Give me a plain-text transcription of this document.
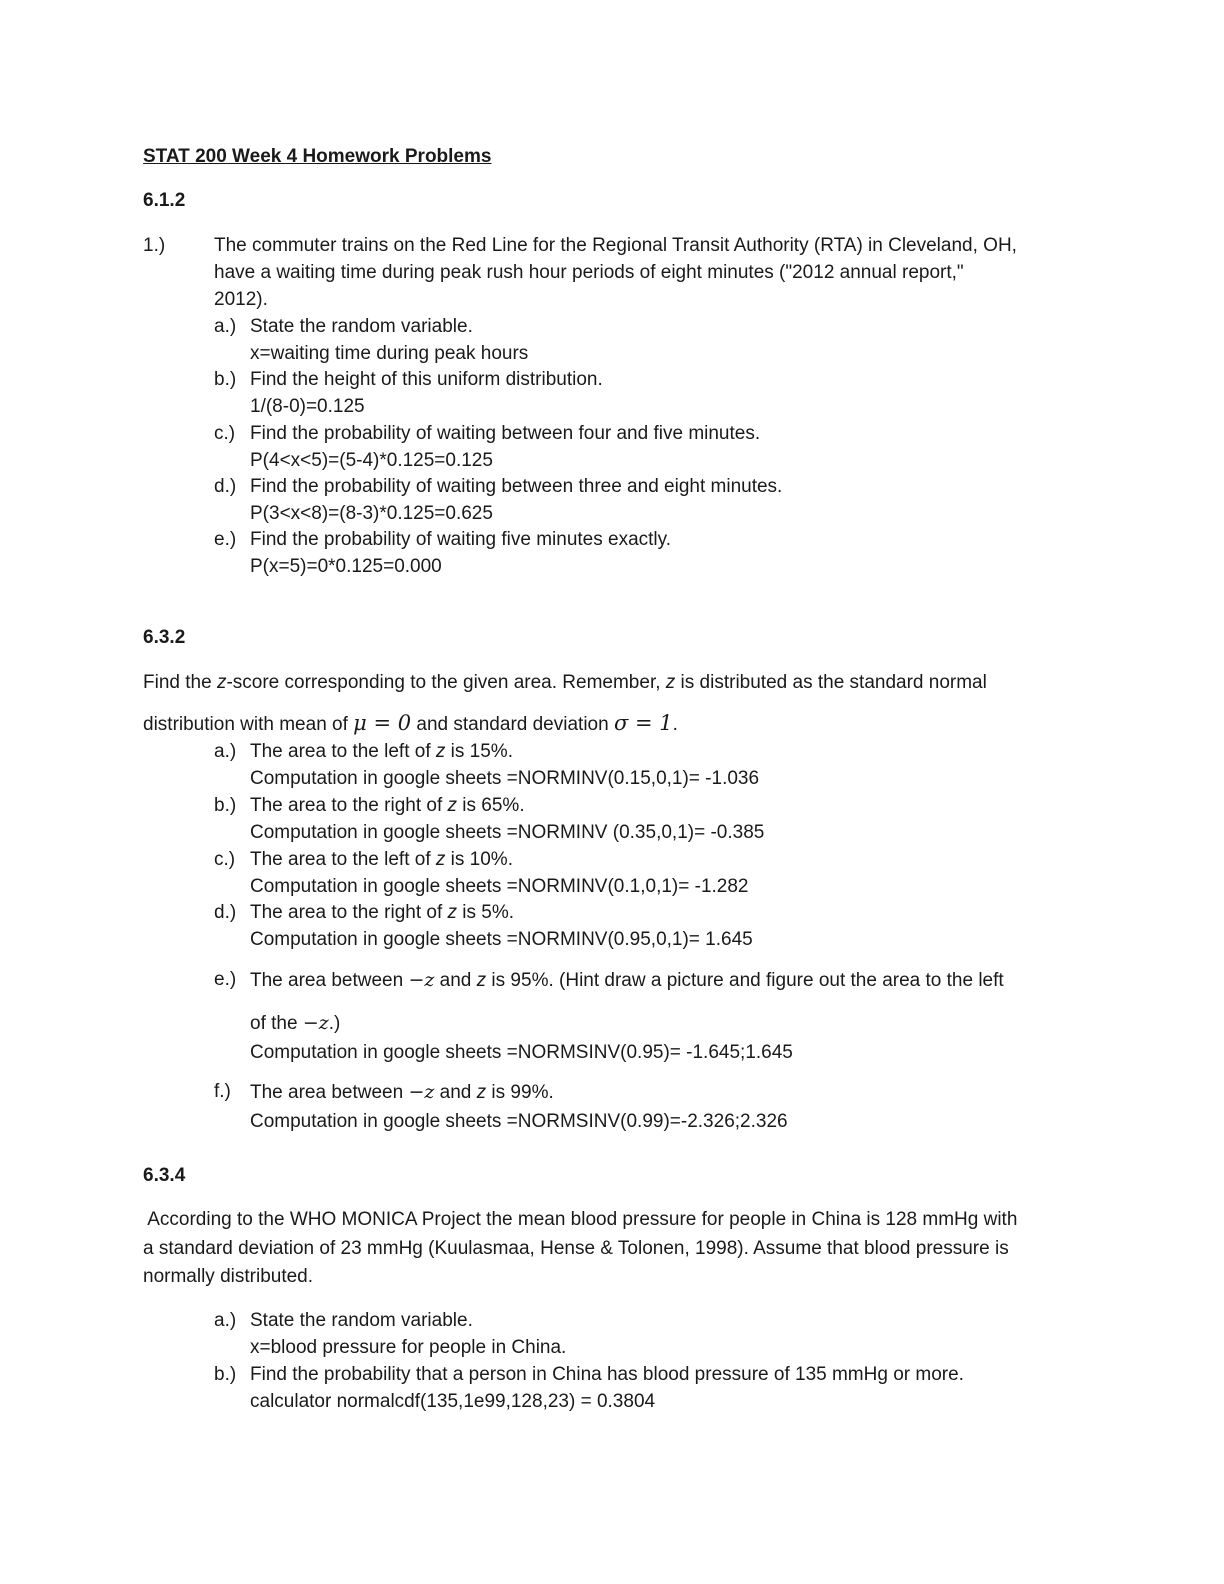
STAT 200 Week 4 Homework Problems
6.1.2
1.)	The commuter trains on the Red Line for the Regional Transit Authority (RTA) in Cleveland, OH,
have a waiting time during peak rush hour periods of eight minutes ("2012 annual report,"
2012).
a.) State the random variable.
x=waiting time during peak hours
b.) Find the height of this uniform distribution.
1/(8-0)=0.125
c.) Find the probability of waiting between four and five minutes.
P(4<x<5)=(5-4)*0.125=0.125
d.) Find the probability of waiting between three and eight minutes.
P(3<x<8)=(8-3)*0.125=0.625
e.) Find the probability of waiting five minutes exactly.
P(x=5)=0*0.125=0.000
6.3.2
Find the z-score corresponding to the given area. Remember, z is distributed as the standard normal
distribution with mean of μ = 0 and standard deviation σ = 1.
a.) The area to the left of z is 15%.
Computation in google sheets =NORMINV(0.15,0,1)= -1.036
b.) The area to the right of z is 65%.
Computation in google sheets =NORMINV (0.35,0,1)= -0.385
c.) The area to the left of z is 10%.
Computation in google sheets =NORMINV(0.1,0,1)= -1.282
d.) The area to the right of z is 5%.
Computation in google sheets =NORMINV(0.95,0,1)= 1.645
e.) The area between −z and z is 95%. (Hint draw a picture and figure out the area to the left
of the −z.)
Computation in google sheets =NORMSINV(0.95)= -1.645;1.645
f.) The area between −z and z is 99%.
Computation in google sheets =NORMSINV(0.99)=-2.326;2.326
6.3.4
According to the WHO MONICA Project the mean blood pressure for people in China is 128 mmHg with
a standard deviation of 23 mmHg (Kuulasmaa, Hense & Tolonen, 1998). Assume that blood pressure is
normally distributed.
a.) State the random variable.
x=blood pressure for people in China.
b.) Find the probability that a person in China has blood pressure of 135 mmHg or more.
calculator normalcdf(135,1e99,128,23) = 0.3804
